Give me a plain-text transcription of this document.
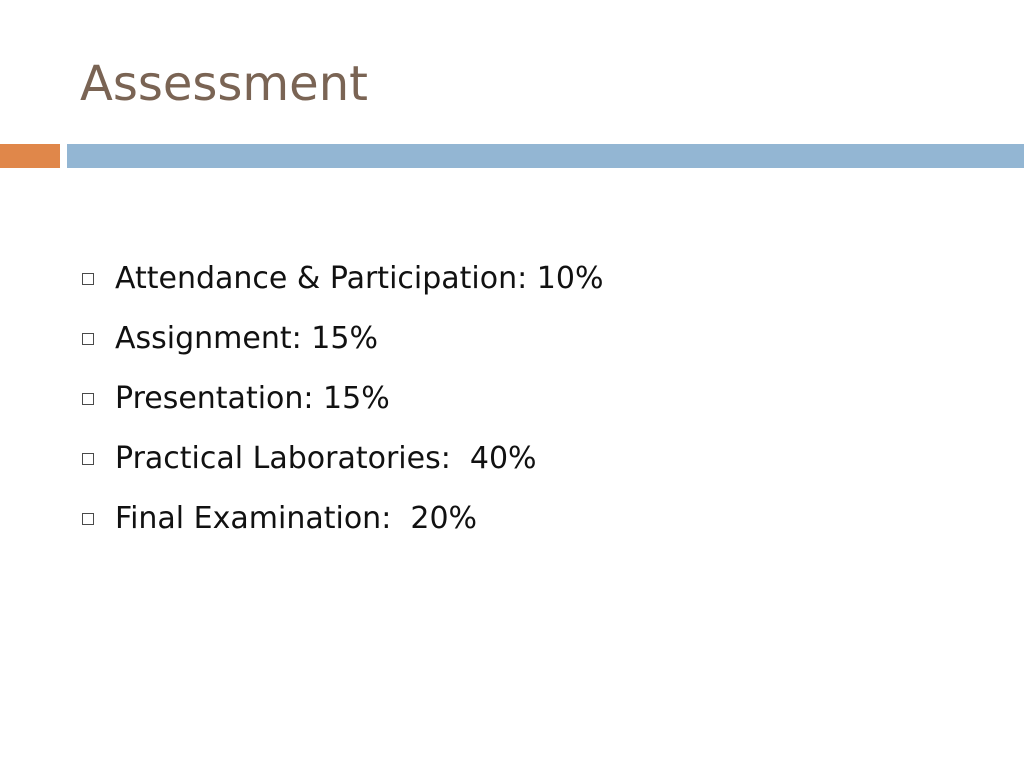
Assessment
Attendance & Participation: 10%
Assignment: 15%
Presentation: 15%
Practical Laboratories:  40%
Final Examination:  20%
